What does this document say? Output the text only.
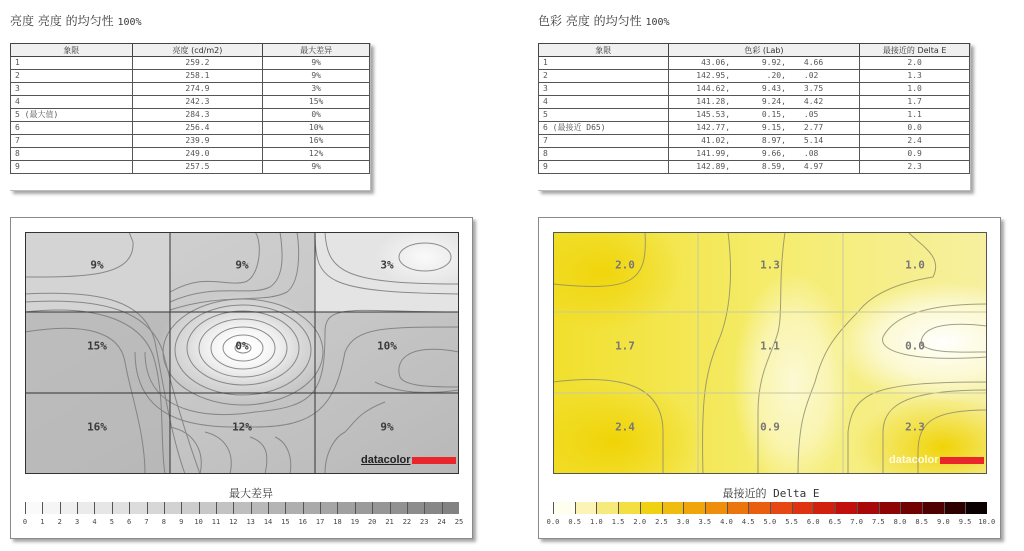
亮度 亮度 的均匀性 100%
象限	亮度 (cd/m2)	最大差异
1	259.2	9%
2	258.1	9%
3	274.9	3%
4	242.3	15%
5 (最大值)	284.3	0%
6	256.4	10%
7	239.9	16%
8	249.0	12%
9	257.5	9%
色彩 亮度 的均匀性 100%
象限	色彩 (Lab)			最接近的 Delta E
1	43.06,	9.92,	4.66	2.0
2	142.95,	.20,	.02	1.3
3	144.62,	9.43,	3.75	1.0
4	141.28,	9.24,	4.42	1.7
5	145.53,	0.15,	.05	1.1
6 (最接近 D65)	142.77,	9.15,	2.77	0.0
7	41.02,	8.97,	5.14	2.4
8	141.99,	9.66,	.08	0.9
9	142.89,	8.59,	4.97	2.3
9%	9%	3%
15%	0%	10%
16%	12%	9%
datacolor
最大差异
0 1 2 3 4 5 6 7 8 9 10 11 12 13 14 15 16 17 18 19 20 21 22 23 24 25
2.0	1.3	1.0
1.7	1.1	0.0
2.4	0.9	2.3
datacolor
最接近的 Delta E
0.0 0.5 1.0 1.5 2.0 2.5 3.0 3.5 4.0 4.5 5.0 5.5 6.0 6.5 7.0 7.5 8.0 8.5 9.0 9.5 10.0
